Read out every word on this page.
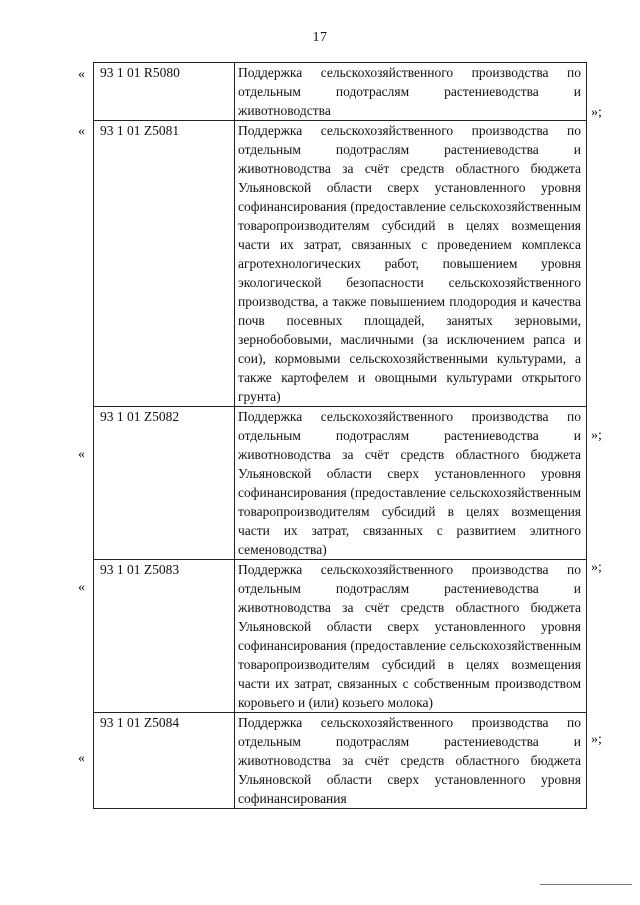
17
«
»;
«
»;
«
»;
«
»;
«
93 1 01 R5080	Поддержка сельскохозяйственного производства по отдельным подотраслям растениеводства и животноводства

93 1 01 Z5081	Поддержка сельскохозяйственного производства по отдельным подотраслям растениеводства и животноводства за счёт средств областного бюджета Ульяновской области сверх установленного уровня софинансирования (предоставление сельскохозяйственным товаропроизводителям субсидий в целях возмещения части их затрат, связанных с проведением комплекса агротехнологических работ, повышением уровня экологической безопасности сельскохозяйственного производства, а также повышением плодородия и качества почв посевных площадей, занятых зерновыми, зернобобовыми, масличными (за исключением рапса и сои), кормовыми сельскохозяйственными культурами, а также картофелем и овощными культурами открытого грунта)

93 1 01 Z5082	Поддержка сельскохозяйственного производства по отдельным подотраслям растениеводства и животноводства за счёт средств областного бюджета Ульяновской области сверх установленного уровня софинансирования (предоставление сельскохозяйственным товаропроизводителям субсидий в целях возмещения части их затрат, связанных с развитием элитного семеноводства)

93 1 01 Z5083	Поддержка сельскохозяйственного производства по отдельным подотраслям растениеводства и животноводства за счёт средств областного бюджета Ульяновской области сверх установленного уровня софинансирования (предоставление сельскохозяйственным товаропроизводителям субсидий в целях возмещения части их затрат, связанных с собственным производством коровьего и (или) козьего молока)

93 1 01 Z5084	Поддержка сельскохозяйственного производства по отдельным подотраслям растениеводства и животноводства за счёт средств областного бюджета Ульяновской области сверх установленного уровня софинансирования
